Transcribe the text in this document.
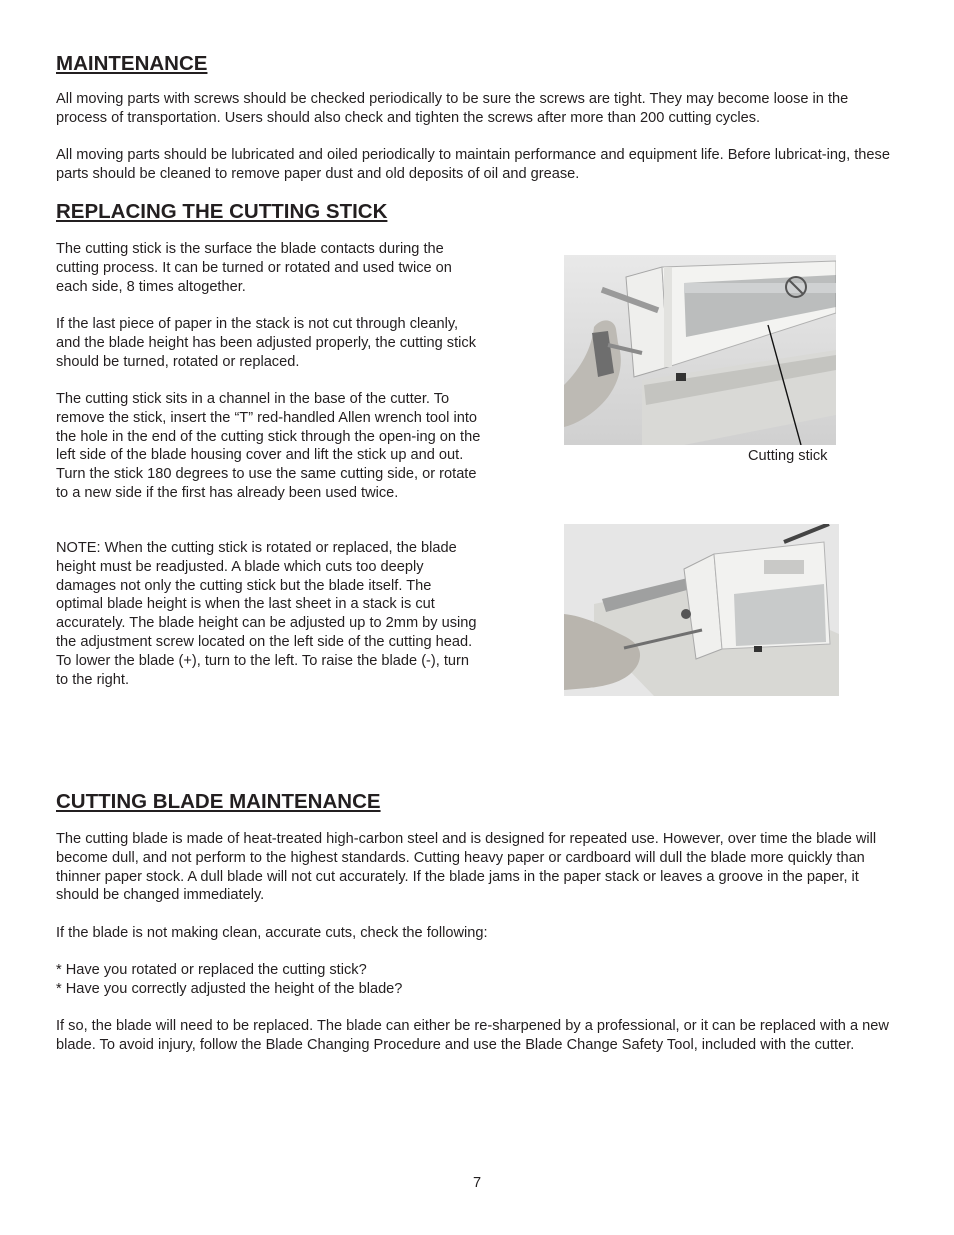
MAINTENANCE

All moving parts with screws should be checked periodically to be sure the screws are tight. They may become loose in the process of transportation. Users should also check and tighten the screws after more than 200 cutting cycles.

All moving parts should be lubricated and oiled periodically to maintain performance and equipment life. Before lubricat-ing, these parts should be cleaned to remove paper dust and old deposits of oil and grease.

REPLACING THE CUTTING STICK

The cutting stick is the surface the blade contacts during the cutting process. It can be turned or rotated and used twice on each side, 8 times altogether.

If the last piece of paper in the stack is not cut through cleanly, and the blade height has been adjusted properly, the cutting stick should be turned, rotated or replaced.

The cutting stick sits in a channel in the base of the cutter. To remove the stick, insert the “T” red-handled Allen wrench tool into the hole in the end of the cutting stick through the open-ing on the left side of the blade housing cover and lift the stick up and out. Turn the stick 180 degrees to use the same cutting side, or rotate to a new side if the first has already been used twice.

NOTE: When the cutting stick is rotated or replaced, the blade height must be readjusted. A blade which cuts too deeply damages not only the cutting stick but the blade itself. The optimal blade height is when the last sheet in a stack is cut accurately. The blade height can be adjusted up to 2mm by using the adjustment screw located on the left side of the cutting head. To lower the blade (+), turn to the left. To raise the blade (-), turn to the right.

Cutting stick
CUTTING BLADE MAINTENANCE

The cutting blade is made of heat-treated high-carbon steel and is designed for repeated use. However, over time the blade will become dull, and not perform to the highest standards. Cutting heavy paper or cardboard will dull the blade more quickly than thinner paper stock. A dull blade will not cut accurately. If the blade jams in the paper stack or leaves a groove in the paper, it should be changed immediately.

If the blade is not making clean, accurate cuts, check the following:

* Have you rotated or replaced the cutting stick?
* Have you correctly adjusted the height of the blade?

If so, the blade will need to be replaced. The blade can either be re-sharpened by a professional, or it can be replaced with a new blade. To avoid injury, follow the Blade Changing Procedure and use the Blade Change Safety Tool, included with the cutter.

7
